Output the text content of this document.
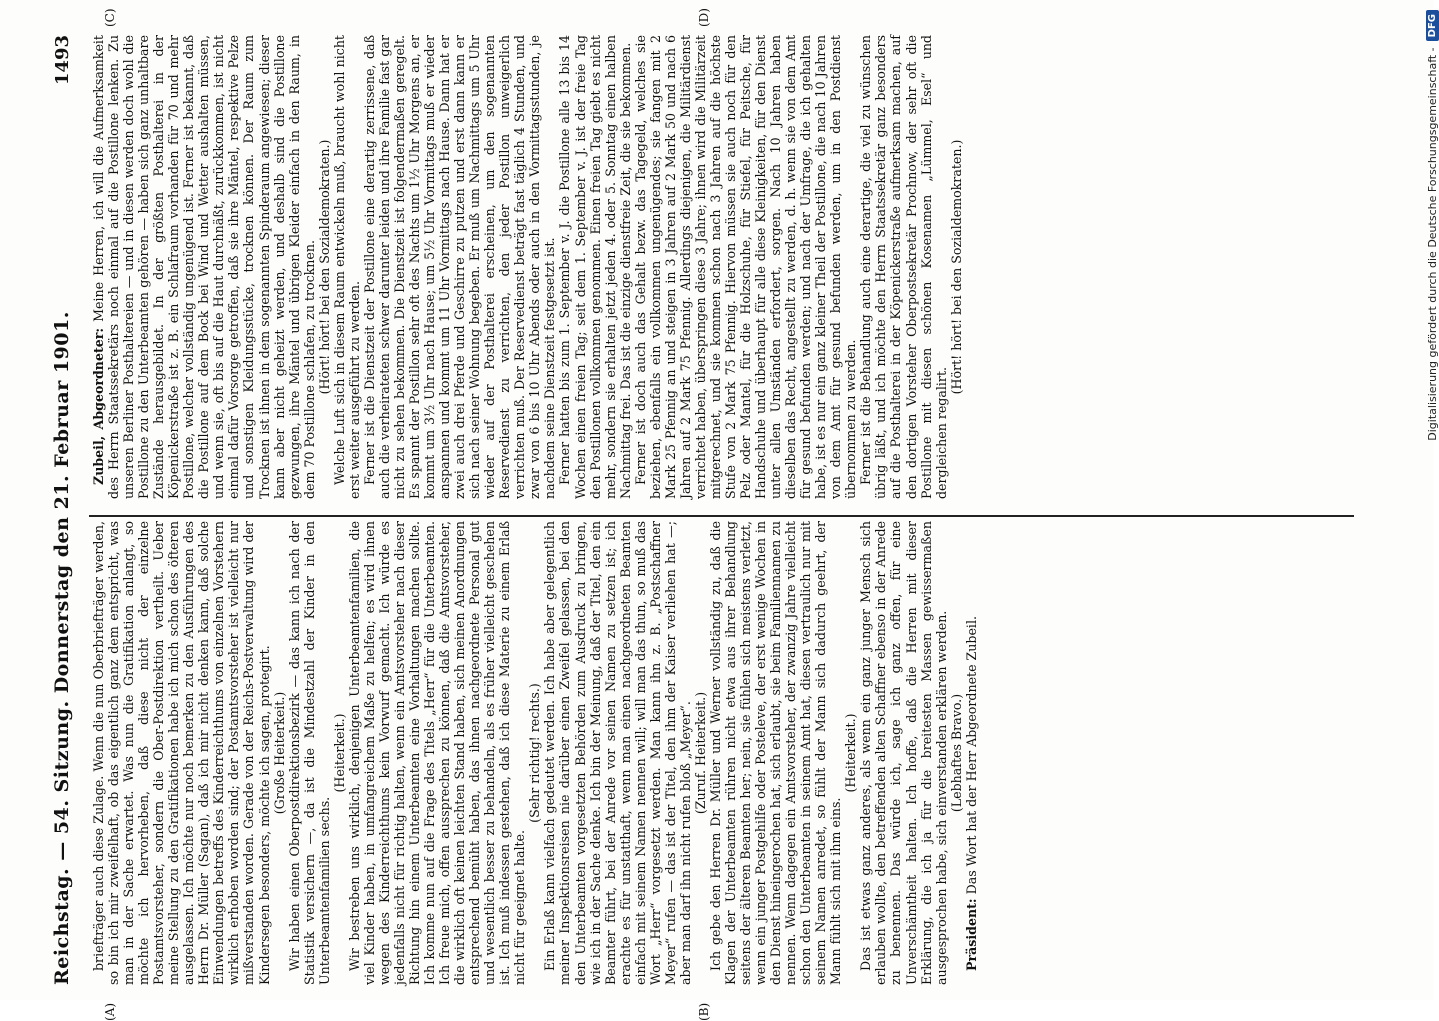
Reichstag. — 54. Sitzung. Donnerstag den 21. Februar 1901.
1493
(A)	(B)
(C)	(D)

briefträger auch diese Zulage. Wenn die nun Oberbriefträger werden, so bin ich mir zweifelhaft, ob das eigentlich ganz dem entspricht, was man in der Sache erwartet. Was nun die Gratifikation anlangt, so möchte ich hervorheben, daß diese nicht der einzelne Postamtsvorsteher, sondern die Ober-Postdirektion vertheilt. Ueber meine Stellung zu den Gratifikationen habe ich mich schon des öfteren ausgelassen. Ich möchte nur noch bemerken zu den Ausführungen des Herrn Dr. Müller (Sagan), daß ich mir nicht denken kann, daß solche Einwendungen betreffs des Kinderreichthums von einzelnen Vorstehern wirklich erhoben worden sind; der Postamtsvorsteher ist vielleicht nur mißverstanden worden. Gerade von der Reichs-Postverwaltung wird der Kindersegen besonders, möchte ich sagen, protegirt. (Große Heiterkeit.) Wir haben einen Oberpostdirektionsbezirk — das kann ich nach der Statistik versichern —, da ist die Mindestzahl der Kinder in den Unterbeamtenfamilien sechs.

(Heiterkeit.) Wir bestreben uns wirklich, denjenigen Unterbeamtenfamilien, die viel Kinder haben, in umfangreichem Maße zu helfen; es wird ihnen wegen des Kinderreichthums kein Vorwurf gemacht. Ich würde es jedenfalls nicht für richtig halten, wenn ein Amtsvorsteher nach dieser Richtung hin einem Unterbeamten eine Vorhaltungen machen sollte. Ich komme nun auf die Frage des Titels „Herr“ für die Unterbeamten. Ich freue mich, offen aussprechen zu können, daß die Amtsvorsteher, die wirklich oft keinen leichten Stand haben, sich meinen Anordnungen entsprechend bemüht haben, das ihnen nachgeordnete Personal gut und wesentlich besser zu behandeln, als es früher vielleicht geschehen ist. Ich muß indessen gestehen, daß ich diese Materie zu einem Erlaß nicht für geeignet halte.

(Sehr richtig! rechts.) Ein Erlaß kann vielfach gedeutet werden. Ich habe aber gelegentlich meiner Inspektionsreisen nie darüber einen Zweifel gelassen, bei den den Unterbeamten vorgesetzten Behörden zum Ausdruck zu bringen, wie ich in der Sache denke. Ich bin der Meinung, daß der Titel, den ein Beamter führt, bei der Anrede vor seinen Namen zu setzen ist; ich erachte es für unstatthaft, wenn man einen nachgeordneten Beamten einfach mit seinem Namen nennen will; will man das thun, so muß das Wort „Herr“ vorgesetzt werden. Man kann ihn z. B. „Postschaffner Meyer“ rufen — das ist der Titel, den ihm der Kaiser verliehen hat —; aber man darf ihn nicht rufen bloß „Meyer“. (Zuruf. Heiterkeit.) Ich gebe den Herren Dr. Müller und Werner vollständig zu, daß die Klagen der Unterbeamten rühren nicht etwa aus ihrer Behandlung seitens der älteren Beamten her; nein, sie fühlen sich meistens verletzt, wenn ein junger Postgehilfe oder Posteleve, der erst wenige Wochen in den Dienst hineingerochen hat, sich erlaubt, sie beim Familiennamen zu nennen. Wenn dagegen ein Amtsvorsteher, der zwanzig Jahre vielleicht schon den Unterbeamten in seinem Amt hat, diesen vertraulich nur mit seinem Namen anredet, so fühlt der Mann sich dadurch geehrt, der Mann fühlt sich mit ihm eins.

(Heiterkeit.) Das ist etwas ganz anderes, als wenn ein ganz junger Mensch sich erlauben wollte, den betreffenden alten Schaffner ebenso in der Anrede zu benennen. Das würde ich, sage ich ganz offen, für eine Unverschämtheit halten. Ich hoffe, daß die Herren mit dieser Erklärung, die ich ja für die breitesten Massen gewissermaßen ausgesprochen habe, sich einverstanden erklären werden. (Lebhaftes Bravo.)

Präsident: Das Wort hat der Herr Abgeordnete Zubeil.

Zubeil, Abgeordneter: Meine Herren, ich will die Aufmerksamkeit des Herrn Staatssekretärs noch einmal auf die Postillone lenken. Zu unseren Berliner Posthaltereien — und in diesen werden doch wohl die Postillone zu den Unterbeamten gehören — haben sich ganz unhaltbare Zustände herausgebildet. In der größten Posthalterei in der Köpenickerstraße ist z. B. ein Schlafraum vorhanden für 70 und mehr Postillone, welcher vollständig ungenügend ist. Ferner ist bekannt, daß die Postillone auf dem Bock bei Wind und Wetter aushalten müssen, und wenn sie, oft bis auf die Haut durchnäßt, zurückkommen, ist nicht einmal dafür Vorsorge getroffen, daß sie ihre Mäntel, respektive Pelze und sonstigen Kleidungsstücke, trocknen können. Der Raum zum Trocknen ist ihnen in dem sogenannten Spinderaum angewiesen; dieser kann aber nicht geheizt werden, und deshalb sind die Postillone gezwungen, ihre Mäntel und übrigen Kleider einfach in den Raum, in dem 70 Postillone schlafen, zu trocknen. (Hört! hört! bei den Sozialdemokraten.) Welche Luft sich in diesem Raum entwickeln muß, braucht wohl nicht erst weiter ausgeführt zu werden. Ferner ist die Dienstzeit der Postillone eine derartig zerrissene, daß auch die verheirateten schwer darunter leiden und ihre Familie fast gar nicht zu sehen bekommen. Die Dienstzeit ist folgendermaßen geregelt. Es spannt der Postillon sehr oft des Nachts um 1½ Uhr Morgens an, er kommt um 3½ Uhr nach Hause; um 5½ Uhr Vormittags muß er wieder anspannen und kommt um 11 Uhr Vormittags nach Hause. Dann hat er zwei auch drei Pferde und Geschirre zu putzen und erst dann kann er sich nach seiner Wohnung begeben. Er muß um Nachmittags um 5 Uhr wieder auf der Posthalterei erscheinen, um den sogenannten Reservedienst zu verrichten, den jeder Postillon unweigerlich verrichten muß. Der Reservedienst beträgt fast täglich 4 Stunden, und zwar von 6 bis 10 Uhr Abends oder auch in den Vormittagsstunden, je nachdem seine Dienstzeit festgesetzt ist. Ferner hatten bis zum 1. September v. J. die Postillone alle 13 bis 14 Wochen einen freien Tag; seit dem 1. September v. J. ist der freie Tag den Postillonen vollkommen genommen. Einen freien Tag giebt es nicht mehr, sondern sie erhalten jetzt jeden 4. oder 5. Sonntag einen halben Nachmittag frei. Das ist die einzige dienstfreie Zeit, die sie bekommen. Ferner ist doch auch das Gehalt bezw. das Tagegeld, welches sie beziehen, ebenfalls ein vollkommen ungenügendes; sie fangen mit 2 Mark 25 Pfennig an und steigen in 3 Jahren auf 2 Mark 50 und nach 6 Jahren auf 2 Mark 75 Pfennig. Allerdings diejenigen, die Militärdienst verrichtet haben, überspringen diese 3 Jahre; ihnen wird die Militärzeit mitgerechnet, und sie kommen schon nach 3 Jahren auf die höchste Stufe von 2 Mark 75 Pfennig. Hiervon müssen sie auch noch für den Pelz oder Mantel, für die Holzschuhe, für Stiefel, für Peitsche, für Handschuhe und überhaupt für alle diese Kleinigkeiten, für den Dienst unter allen Umständen erfordert, sorgen. Nach 10 Jahren haben dieselben das Recht, angestellt zu werden, d. h. wenn sie von dem Amt für gesund befunden werden; und nach der Umfrage, die ich gehalten habe, ist es nur ein ganz kleiner Theil der Postillone, die nach 10 Jahren von dem Amt für gesund befunden werden, um in den Postdienst übernommen zu werden. Ferner ist die Behandlung auch eine derartige, die viel zu wünschen übrig läßt, und ich möchte den Herrn Staatssekretär ganz besonders auf die Posthalterei in der Köpenickerstraße aufmerksam machen, auf den dortigen Vorsteher Oberpostsekretär Prochnow, der sehr oft die Postillone mit diesen schönen Kosenamen „Lümmel, Esel“ und dergleichen regalirt.

(Hört! hört! bei den Sozialdemokraten.)	Digitalisierung gefördert durch die Deutsche Forschungsgemeinschaft -
DFG
